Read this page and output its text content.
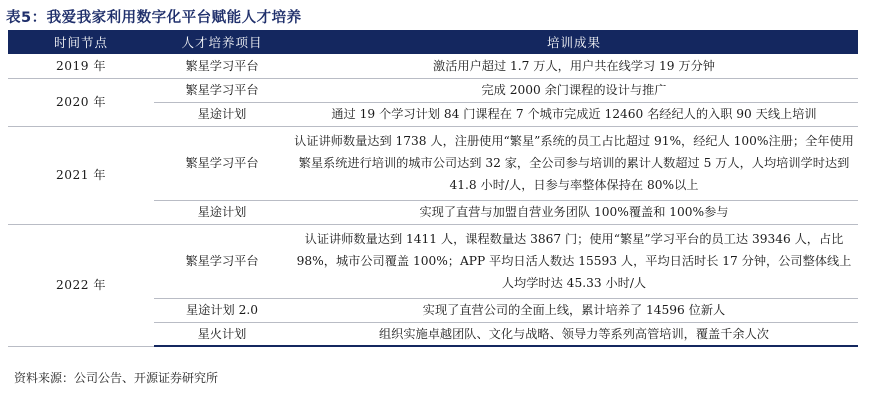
表5：我爱我家利用数字化平台赋能人才培养
时间节点	人才培养项目	培训成果
2019 年	繁星学习平台	激活用户超过 1.7 万人，用户共在线学习 19 万分钟
2020 年	繁星学习平台	完成 2000 余门课程的设计与推广
	星途计划	通过 19 个学习计划 84 门课程在 7 个城市完成近 12460 名经纪人的入职 90 天线上培训
2021 年	繁星学习平台	认证讲师数量达到 1738 人，注册使用“繁星”系统的员工占比超过 91%，经纪人 100%注册；全年使用繁星系统进行培训的城市公司达到 32 家，全公司参与培训的累计人数超过 5 万人，人均培训学时达到 41.8 小时/人，日参与率整体保持在 80%以上
	星途计划	实现了直营与加盟自营业务团队 100%覆盖和 100%参与
2022 年	繁星学习平台	认证讲师数量达到 1411 人，课程数量达 3867 门；使用“繁星”学习平台的员工达 39346 人，占比 98%，城市公司覆盖 100%；APP 平均日活人数达 15593 人，平均日活时长 17 分钟，公司整体线上人均学时达 45.33 小时/人
	星途计划 2.0	实现了直营公司的全面上线，累计培养了 14596 位新人
	星火计划	组织实施卓越团队、文化与战略、领导力等系列高管培训，覆盖千余人次
资料来源：公司公告、开源证券研究所
